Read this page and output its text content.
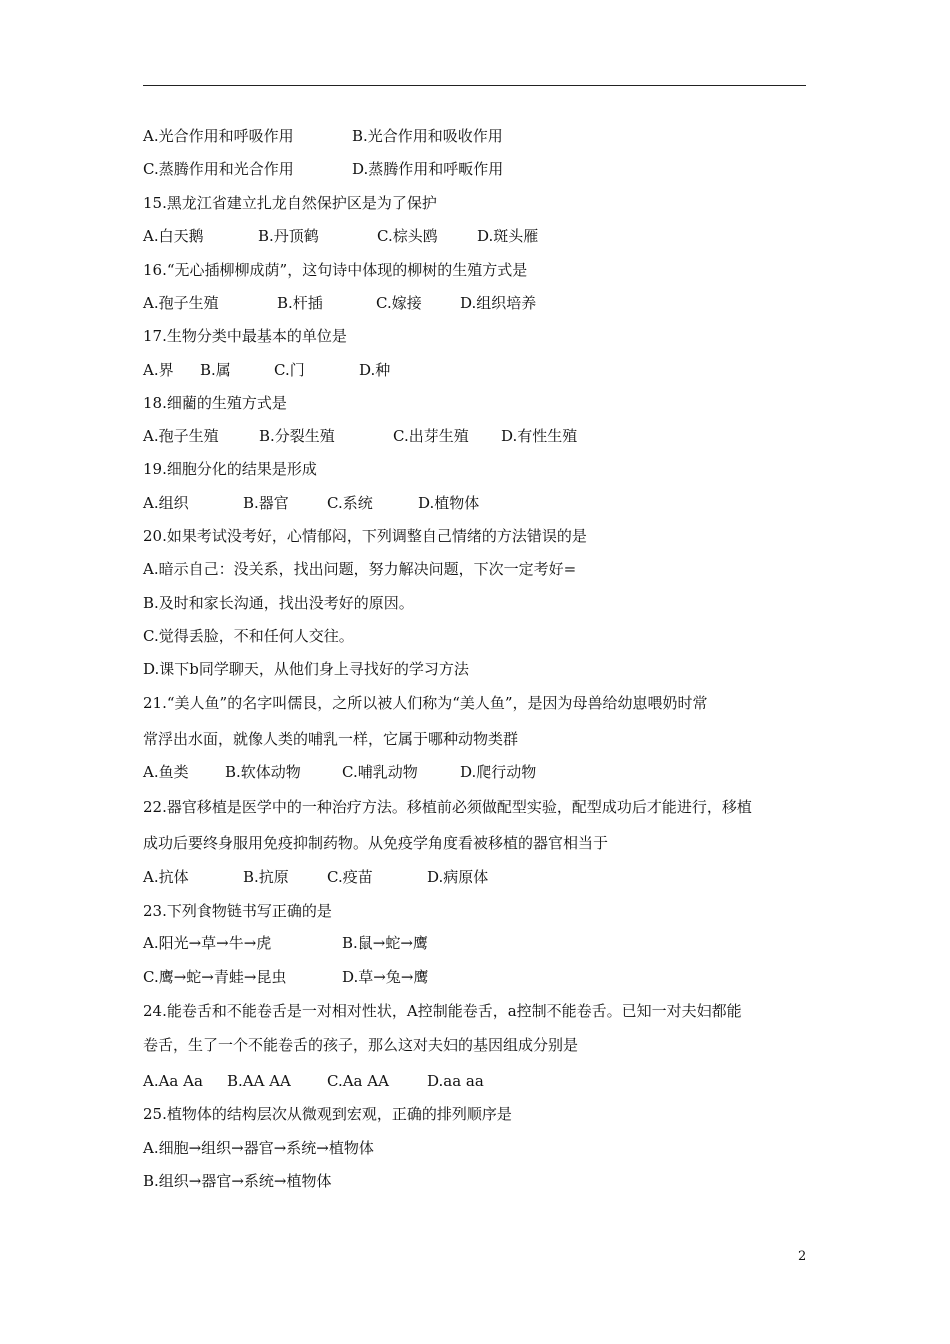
A.光合作用和呼吸作用	B.光合作用和吸收作用
C.蒸腾作用和光合作用	D.蒸腾作用和呼畈作用
15.黑龙江省建立扎龙自然保护区是为了保护
A.白天鹅	B.丹顶鹤	C.棕头鸥	D.斑头雁
16.“无心插柳柳成荫”，这句诗中体现的柳树的生殖方式是
A.孢子生殖	B.杆插	C.嫁接	D.组织培养
17.生物分类中最基本的单位是
A.界 B.属	C.门	D.种
18.细藺的生殖方式是
A.孢子生殖	B.分裂生殖	C.出芽生殖 D.有性生殖
19.细胞分化的结果是形成
A.组织	B.器官	C.系统	D.植物体
20.如果考试没考好，心情郁闷，下列调整自己情绪的方法错误的是
A.暗示自己：没关系，找出问题，努力解决问题，下次一定考好=
B.及时和家长沟通，找出没考好的原因。
C.觉得丢脸，不和任何人交往。
D.课下b同学聊天，从他们身上寻找好的学习方法
21.“美人鱼”的名字叫儒艮，之所以被人们称为“美人鱼”，是因为母兽给幼崽喂奶时常
常浮出水面，就像人类的哺乳一样，它属于哪种动物类群
A.鱼类 B.软体动物	C.哺乳动物	D.爬行动物
22.器官移植是医学中的一种治疗方法。移植前必须做配型实验，配型成功后才能进行，移植
成功后要终身服用免疫抑制药物。从免疫学角度看被移植的器官相当于
A.抗体	B.抗原	C.疫苗	D.病原体
23.下列食物链书写正确的是
A.阳光→草→牛→虎	B.鼠→蛇→鹰
C.鹰→蛇→青蛙→昆虫	D.草→兔→鹰
24.能卷舌和不能卷舌是一对相对性状，A控制能卷舌，a控制不能卷舌。已知一对夫妇都能
卷舌，生了一个不能卷舌的孩子，那么这对夫妇的基因组成分别是
A.Aa Aa B.AA AA C.Aa AA	D.aa aa
25.植物体的结构层次从微观到宏观，正确的排列顺序是
A.细胞→组织→器官→系统→植物体
B.组织→器官→系统→植物体
2
